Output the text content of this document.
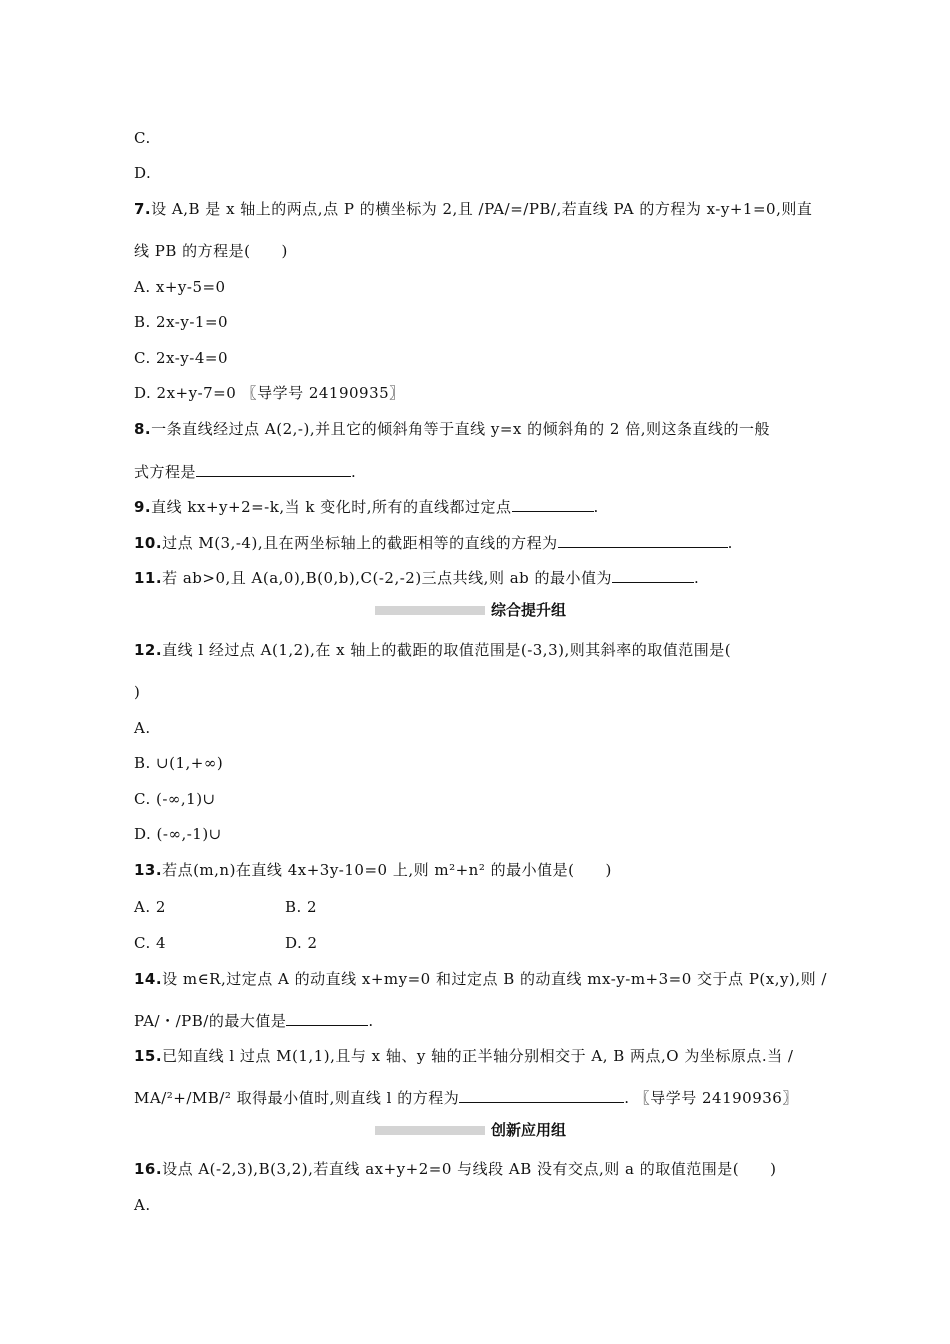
C.
D.
7.设 A,B 是 x 轴上的两点,点 P 的横坐标为 2,且 /PA/=/PB/,若直线 PA 的方程为 x-y+1=0,则直
线 PB 的方程是(　　)
A. x+y-5=0
B. 2x-y-1=0
C. 2x-y-4=0
D. 2x+y-7=0 〖导学号 24190935〗
8.一条直线经过点 A(2,-),并且它的倾斜角等于直线 y=x 的倾斜角的 2 倍,则这条直线的一般
式方程是	.
9.直线 kx+y+2=-k,当 k 变化时,所有的直线都过定点	.
10.过点 M(3,-4),且在两坐标轴上的截距相等的直线的方程为	.
11.若 ab>0,且 A(a,0),B(0,b),C(-2,-2)三点共线,则 ab 的最小值为	.
综合提升组
12.直线 l 经过点 A(1,2),在 x 轴上的截距的取值范围是(-3,3),则其斜率的取值范围是(
)
A.
B. ∪(1,+∞)
C. (-∞,1)∪
D. (-∞,-1)∪
13.若点(m,n)在直线 4x+3y-10=0 上,则 m²+n² 的最小值是(　　)
A. 2	B. 2
C. 4	D. 2
14.设 m∈R,过定点 A 的动直线 x+my=0 和过定点 B 的动直线 mx-y-m+3=0 交于点 P(x,y),则 /
PA/・/PB/的最大值是	.
15.已知直线 l 过点 M(1,1),且与 x 轴、y 轴的正半轴分别相交于 A, B 两点,O 为坐标原点.当 /
MA/²+/MB/² 取得最小值时,则直线 l 的方程为	. 〖导学号 24190936〗
创新应用组
16.设点 A(-2,3),B(3,2),若直线 ax+y+2=0 与线段 AB 没有交点,则 a 的取值范围是(　　)
A.
